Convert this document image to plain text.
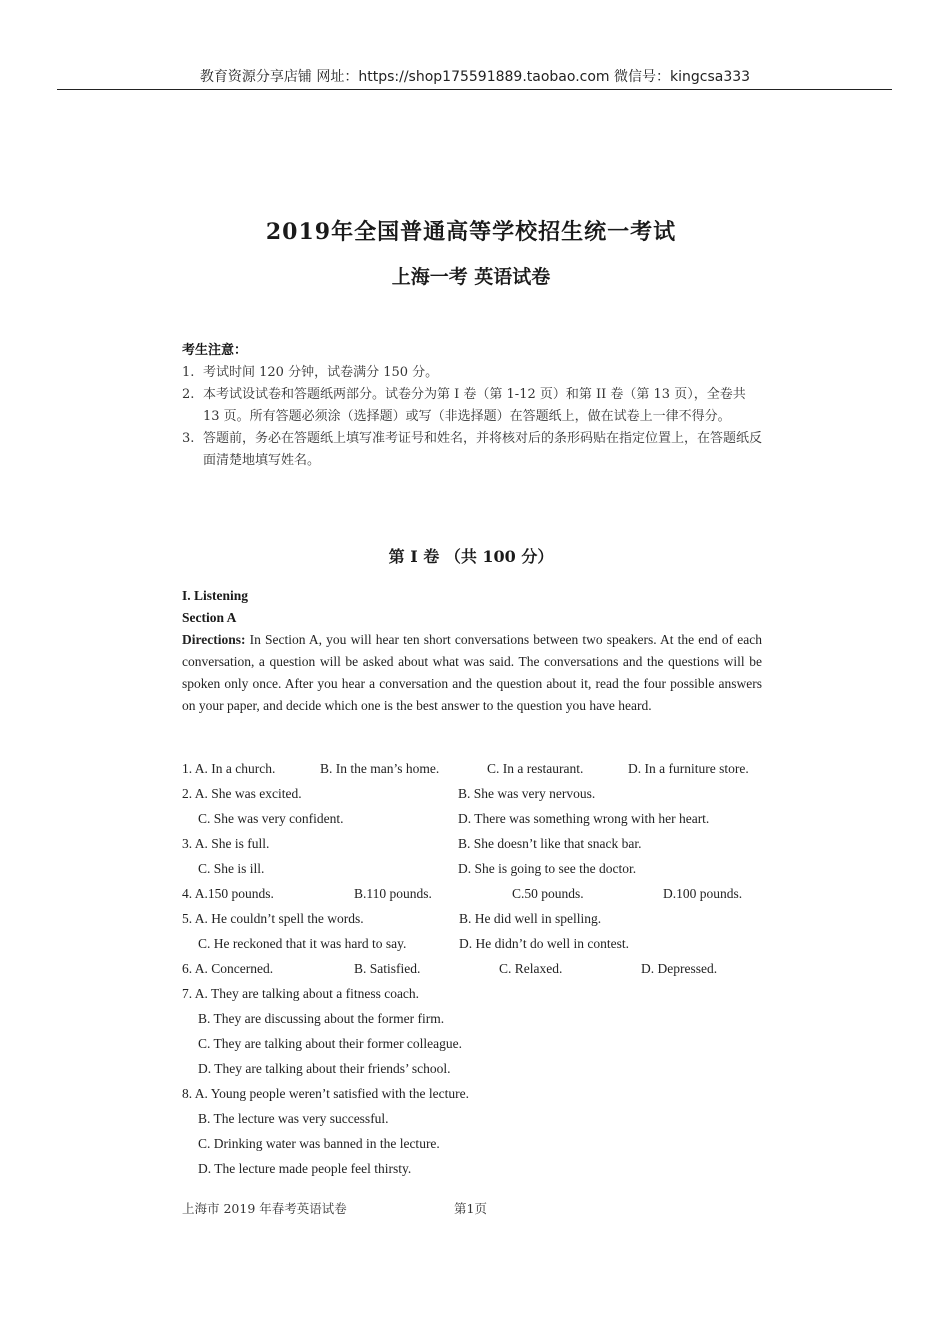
教育资源分享店铺 网址：https://shop175591889.taobao.com 微信号：kingcsa333
2019年全国普通高等学校招生统一考试
上海一考 英语试卷
考生注意：
1. 考试时间 120 分钟，试卷满分 150 分。
2. 本考试设试卷和答题纸两部分。试卷分为第 I 卷（第 1-12 页）和第 II 卷（第 13 页），全卷共 13 页。所有答题必须涂（选择题）或写（非选择题）在答题纸上，做在试卷上一律不得分。
3. 答题前，务必在答题纸上填写准考证号和姓名，并将核对后的条形码贴在指定位置上，在答题纸反面清楚地填写姓名。
第 I 卷 （共 100 分）
I. Listening
Section A
Directions: In Section A, you will hear ten short conversations between two speakers. At the end of each conversation, a question will be asked about what was said. The conversations and the questions will be spoken only once. After you hear a conversation and the question about it, read the four possible answers on your paper, and decide which one is the best answer to the question you have heard.
1. A. In a church.	B. In the man’s home.	C. In a restaurant.	D. In a furniture store.
2. A. She was excited.	B. She was very nervous.
C. She was very confident.	D. There was something wrong with her heart.
3. A. She is full.	B. She doesn’t like that snack bar.
C. She is ill.	D. She is going to see the doctor.
4. A.150 pounds.	B.110 pounds.	C.50 pounds.	D.100 pounds.
5. A. He couldn’t spell the words.	B. He did well in spelling.
C. He reckoned that it was hard to say.	D. He didn’t do well in contest.
6. A. Concerned.	B. Satisfied.	C. Relaxed.	D. Depressed.
7. A. They are talking about a fitness coach.
B. They are discussing about the former firm.
C. They are talking about their former colleague.
D. They are talking about their friends’ school.
8. A. Young people weren’t satisfied with the lecture.
B. The lecture was very successful.
C. Drinking water was banned in the lecture.
D. The lecture made people feel thirsty.
上海市 2019 年春考英语试卷	第1页
